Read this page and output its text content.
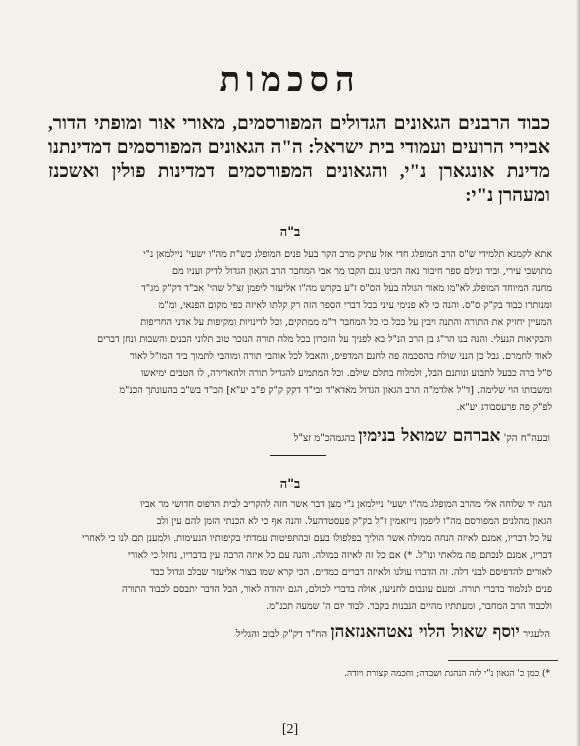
הסכמות
כבוד הרבנים הגאונים הגדולים המפורסמים, מאורי אור ומופתי הדור, אבירי הרועים ועמודי בית ישראל: ה"ה הגאונים המפורסמים דמדינתנו מדינת אונגארן נ"י, והגאונים המפורסמים דמדינות פולין ואשכנז ומעהרן נ"י:
ב"ה
אתא לקמנא תלמידי ש"ס הרב המופלג חדי אזל עתיק מרב הקר בעל פנים המופלג כש"ת מה"ו ישעי' ניילמאן נ"י
מתושבי עירי, וביד ונילם ספר חיבור נאה הכינו נגם הקבו מר אבי המחבר הרב הגאון הגדול לדיק ועניו מם
מחנה המיוחד המופלג לא"מו מאור הגולה בעל הס"ס ז"ע בקרש מה"ו אליעזר ליפמן זצ"ל שהי' אב"ד דק"ק מג"ד
ומנותרו כבוד בק"ק ס"ס. והנה כי לא פנימי עיני בכל דברי הספר הזה רק קלתו לאיזה כפי מקום הפנאי, ומ"מ
המעיין יחזיק את התורה והתנה ויבין על ככל כי כל המחבר ר"מ ממתקים, וכל לדינויות ומקיפות על אדני החריפות
והבקיאות הנעלי. והנה בנו הר"ג בן הרב הנ"ל בא לפניך על הזכרון בכל מלה תורה הנזכר טוב תלוני הבנים והשבות ונחן דברים
לאוד לחמרם. גבל כן הנני שולח בהסכמה פה לחנם המדפיס, והאבל לכל אוהבי תורה ומוהבי לתמוך ביד המו"ל לאור
ס"ל ברה כבעל לתבוע ונותנם הבל, ולמלוח בתלם שילם. וכל המתמיע להגדיל תורה ולהאדירה, לו הטבים ימיאשו
ומשבותו הוי שלימה. [ד"ל אלדמ"ה הרב הגאון הגדול מאדא"ד ובי"ד דקק ק"ק פ"ב יע"א] הכ"ד בש"ב בהעונתך הכנ"מ
לפ"ק פה פרעסבורג יע"א.
ובעה"ח הק' אברהם שמואל בנימין בהגמהכ"מ זצ"ל
ב"ה
הנה יד שלוחה אלי מהרב המופלג מה"ו ישעי' ניילמאן נ"י מצן דבר אשר חזה להקריב לבית הדפוס חדושי מר אביו
הגאון מהלנים המפורסם מה"ו ליפמן נייזאמין ז"ל בק"ק פעסטדהעל. והנה אף כי לא הכנתי הזמן להם עין ולב
על כל דבריו, אמנם לאיזה הנחה ממולה אשר הוליך בפלפולו בעם ובהתפיטות עמדתי בקיפותיו הנעימות. ולמענן תם לנו כי לאחרי
דבריו, אמנם לנכתם פה מלאתי ונו"ל. *) אם כל זה לאיזה במולה. והנה עם כל איזה הרבה עין בדבריו, נחזל כי לאורי
לאורים להדפיסם לבני דלה. זה הדברו עולנו ולאיזה דברים כמדים. הכי קרא שמו בצור אליעזר שבלב וגדול כבד
פנים לנלמוד בדברי תורה. ומעם עונבום לחניעו, אולה בדברי לכולם, הגם יהודה לאור, הבל הדבר יתבסם לכבוד התורה
ולכבוד הרב המחבר, ומעתתיו מהיים הנבנות בקבר. לבוד יום ה' שמעה תכנ"מ.
הלעגיר יוסף שאול הלוי נאטהאנזאהן הח"ד דק"ק לבוב והגליל
*) כמן כ' הגאון נ"י לזה הנהגת ושבדה; וחכמה קצורת ויודה.
[2]
